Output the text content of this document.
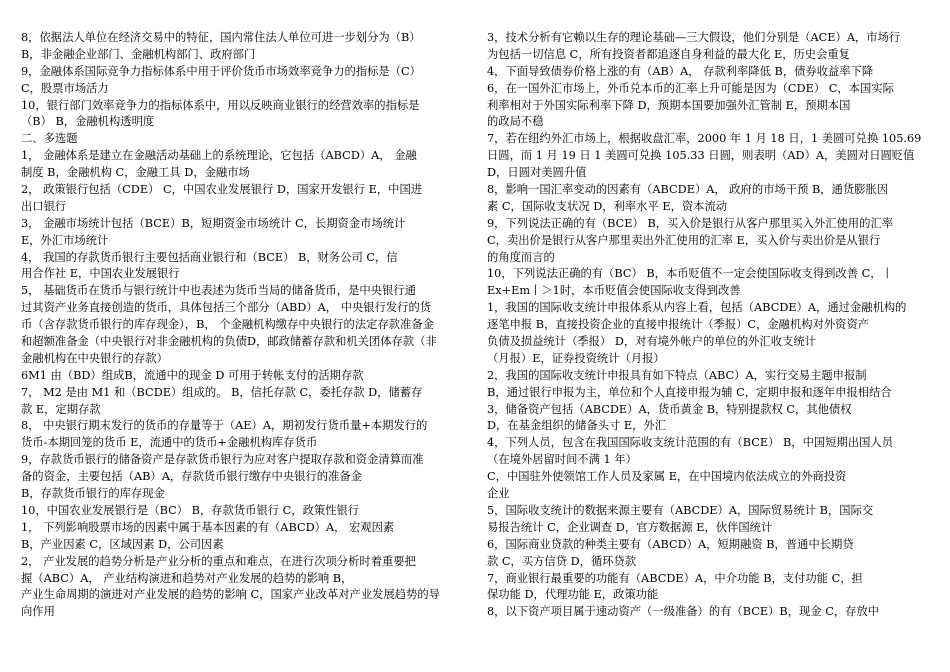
8，依据法人单位在经济交易中的特征，国内常住法人单位可进一步划分为（B）
B，非金融企业部门、金融机构部门、政府部门
9，金融体系国际竞争力指标体系中用于评价货币市场效率竞争力的指标是（C）
C，股票市场活力
10，银行部门效率竞争力的指标体系中，用以反映商业银行的经营效率的指标是
（B） B，金融机构透明度
二、多选题
1， 金融体系是建立在金融活动基础上的系统理论，它包括（ABCD）A， 金融
制度 B，金融机构 C，金融工具 D，金融市场
2， 政策银行包括（CDE） C，中国农业发展银行 D，国家开发银行 E，中国进
出口银行
3， 金融市场统计包括（BCE）B，短期资金市场统计 C，长期资金市场统计
E，外汇市场统计
4， 我国的存款货币银行主要包括商业银行和（BCE） B，财务公司 C，信
用合作社 E，中国农业发展银行
5， 基础货币在货币与银行统计中也表述为货币当局的储备货币，是中央银行通
过其资产业务直接创造的货币，具体包括三个部分（ABD）A， 中央银行发行的货
币（含存款货币银行的库存现金），B， 个金融机构缴存中央银行的法定存款准备金
和超额准备金（中央银行对非金融机构的负债D，邮政储蓄存款和机关团体存款（非
金融机构在中央银行的存款）
6M1 由（BD）组成B，流通中的现金 D 可用于转帐支付的活期存款
7， M2 是由 M1 和（BCDE）组成的。 B，信托存款 C，委托存款 D，储蓄存
款 E，定期存款
8， 中央银行期末发行的货币的存量等于（AE）A，期初发行货币量+本期发行的
货币-本期回笼的货币 E，流通中的货币+金融机构库存货币
9，存款货币银行的储备资产是存款货币银行为应对客户提取存款和资金清算而准
备的资金，主要包括（AB）A，存款货币银行缴存中央银行的准备金
B，存款货币银行的库存现金
10，中国农业发展银行是（BC） B，存款货币银行 C，政策性银行
1， 下列影响股票市场的因素中属于基本因素的有（ABCD）A， 宏观因素
B，产业因素 C，区域因素 D，公司因素
2， 产业发展的趋势分析是产业分析的重点和难点，在进行次项分析时着重要把
握（ABC）A， 产业结构演进和趋势对产业发展的趋势的影响 B，
产业生命周期的演进对产业发展的趋势的影响 C，国家产业改革对产业发展趋势的导
向作用
3，技术分析有它赖以生存的理论基础—三大假设，他们分别是（ACE）A，市场行
为包括一切信息 C，所有投资者都追逐自身利益的最大化 E，历史会重复
4，下面导致债券价格上涨的有（AB）A， 存款利率降低 B，债券收益率下降
6，在一国外汇市场上，外币兑本币的汇率上升可能是因为（CDE） C，本国实际
利率相对于外国实际利率下降 D，预期本国要加强外汇管制 E，预期本国
的政局不稳
7，若在纽约外汇市场上，根据收盘汇率，2000 年 1 月 18 日，1 美圆可兑换 105.69
日圆，而 1 月 19 日 1 美圆可兑换 105.33 日圆，则表明（AD）A，美圆对日圆贬值
D，日圆对美圆升值
8，影响一国汇率变动的因素有（ABCDE）A， 政府的市场干预 B，通货膨胀因
素 C，国际收支状况 D，利率水平 E，资本流动
9，下列说法正确的有（BCE） B，买入价是银行从客户那里买入外汇使用的汇率
C，卖出价是银行从客户那里卖出外汇使用的汇率 E，买入价与卖出价是从银行
的角度而言的
10，下列说法正确的有（BC） B，本币贬值不一定会使国际收支得到改善 C，丨
Ex+Em丨＞1时，本币贬值会使国际收支得到改善
1，我国的国际收支统计申报体系从内容上看，包括（ABCDE）A，通过金融机构的
逐笔申报 B，直接投资企业的直接申报统计（季报）C，金融机构对外资资产
负债及损益统计（季报） D，对有境外帐户的单位的外汇收支统计
（月报）E，证券投资统计（月报）
2，我国的国际收支统计申报具有如下特点（ABC）A，实行交易主题申报制
B，通过银行申报为主，单位和个人直接申报为辅 C，定期申报和逐年申报相结合
3，储备资产包括（ABCDE）A，货币黄金 B，特别提款权 C，其他债权
D，在基金组织的储备头寸 E，外汇
4，下列人员，包含在我国国际收支统计范围的有（BCE） B，中国短期出国人员
（在境外居留时间不满 1 年）
C，中国驻外使领馆工作人员及家属 E，在中国境内依法成立的外商投资
企业
5，国际收支统计的数据来源主要有（ABCDE）A，国际贸易统计 B，国际交
易报告统计 C，企业调查 D，官方数据源 E，伙伴国统计
6，国际商业贷款的种类主要有（ABCD）A，短期融资 B，普通中长期贷
款 C，买方信贷 D，循环贷款
7，商业银行最重要的功能有（ABCDE）A，中介功能 B，支付功能 C，担
保功能 D，代理功能 E，政策功能
8，以下资产项目属于速动资产（一级准备）的有（BCE）B，现金 C，存放中
